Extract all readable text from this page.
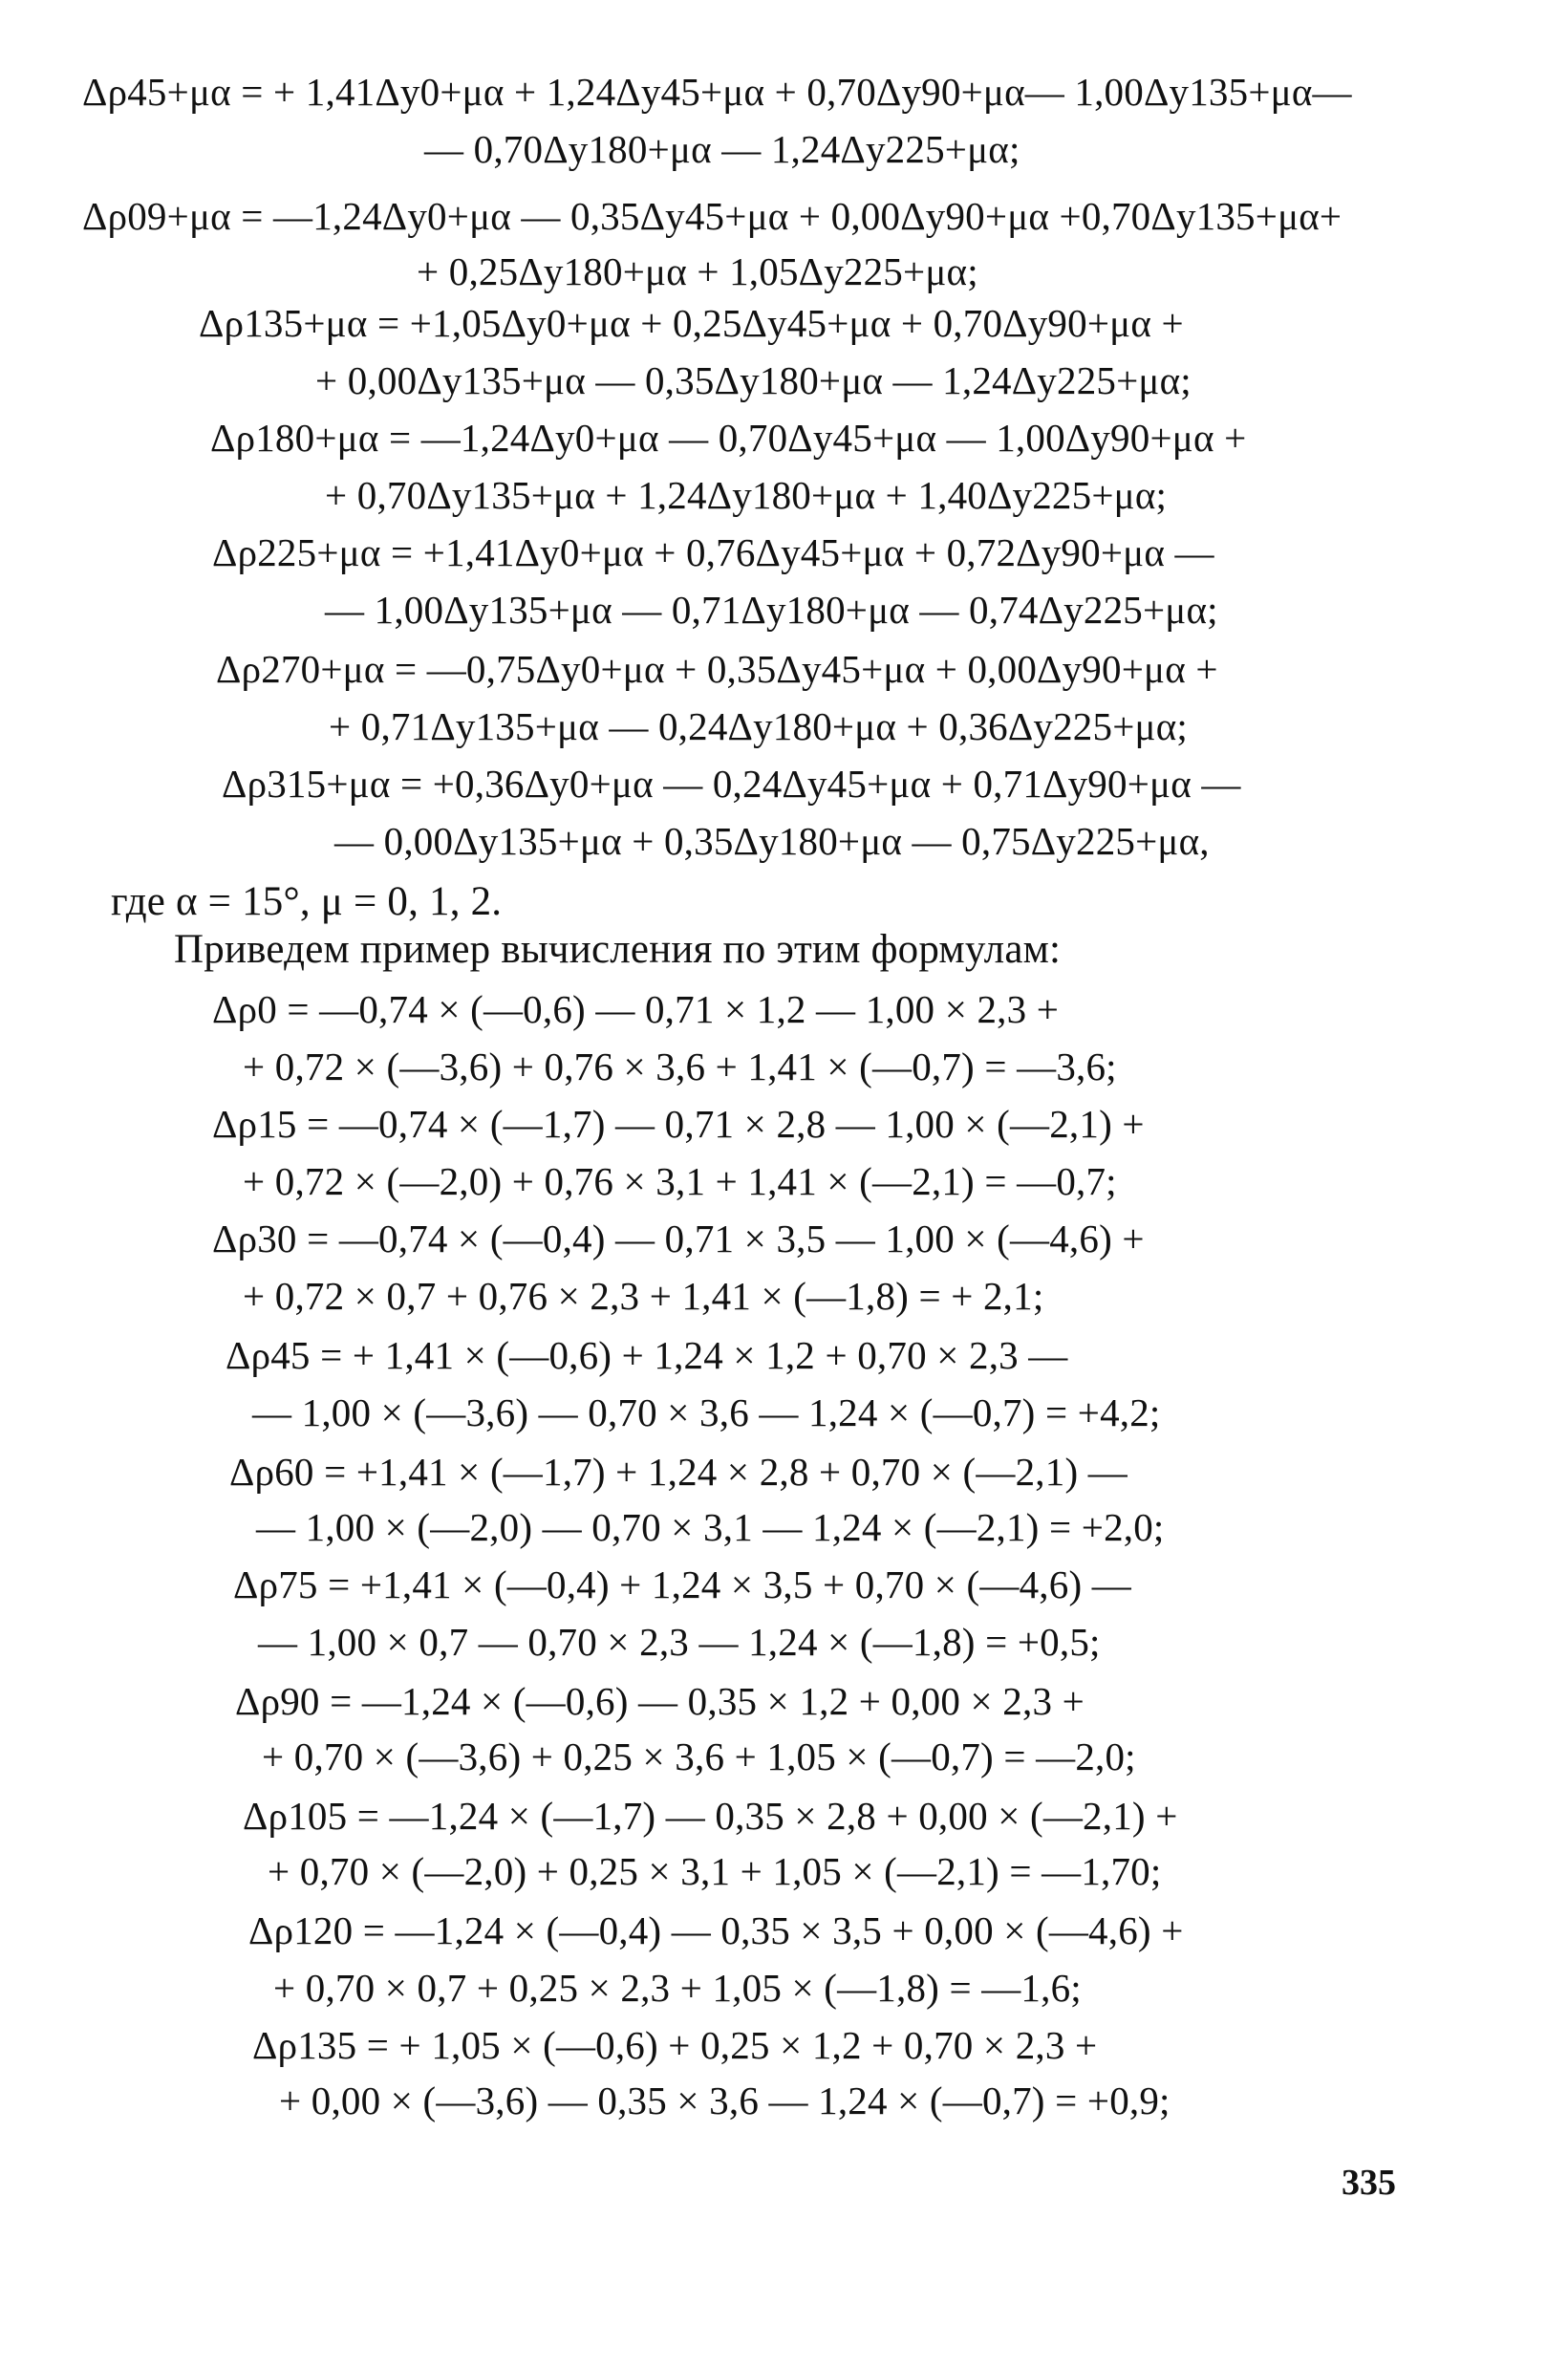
Δρ45+μα = + 1,41Δy0+μα + 1,24Δy45+μα + 0,70Δy90+μα— 1,00Δy135+μα—
— 0,70Δy180+μα — 1,24Δy225+μα;
Δρ09+μα = —1,24Δy0+μα — 0,35Δy45+μα + 0,00Δy90+μα +0,70Δy135+μα+
+ 0,25Δy180+μα + 1,05Δy225+μα;
Δρ135+μα = +1,05Δy0+μα + 0,25Δy45+μα + 0,70Δy90+μα +
+ 0,00Δy135+μα — 0,35Δy180+μα — 1,24Δy225+μα;
Δρ180+μα = —1,24Δy0+μα — 0,70Δy45+μα — 1,00Δy90+μα +
+ 0,70Δy135+μα + 1,24Δy180+μα + 1,40Δy225+μα;
Δρ225+μα = +1,41Δy0+μα + 0,76Δy45+μα + 0,72Δy90+μα —
— 1,00Δy135+μα — 0,71Δy180+μα — 0,74Δy225+μα;
Δρ270+μα = —0,75Δy0+μα + 0,35Δy45+μα + 0,00Δy90+μα +
+ 0,71Δy135+μα — 0,24Δy180+μα + 0,36Δy225+μα;
Δρ315+μα = +0,36Δy0+μα — 0,24Δy45+μα + 0,71Δy90+μα —
— 0,00Δy135+μα + 0,35Δy180+μα — 0,75Δy225+μα,
где α = 15°, μ = 0, 1, 2.
Приведем пример вычисления по этим формулам:
Δρ0 = —0,74 × (—0,6) — 0,71 × 1,2 — 1,00 × 2,3 +
+ 0,72 × (—3,6) + 0,76 × 3,6 + 1,41 × (—0,7) = —3,6;
Δρ15 = —0,74 × (—1,7) — 0,71 × 2,8 — 1,00 × (—2,1) +
+ 0,72 × (—2,0) + 0,76 × 3,1 + 1,41 × (—2,1) = —0,7;
Δρ30 = —0,74 × (—0,4) — 0,71 × 3,5 — 1,00 × (—4,6) +
+ 0,72 × 0,7 + 0,76 × 2,3 + 1,41 × (—1,8) = + 2,1;
Δρ45 = + 1,41 × (—0,6) + 1,24 × 1,2 + 0,70 × 2,3 —
— 1,00 × (—3,6) — 0,70 × 3,6 — 1,24 × (—0,7) = +4,2;
Δρ60 = +1,41 × (—1,7) + 1,24 × 2,8 + 0,70 × (—2,1) —
— 1,00 × (—2,0) — 0,70 × 3,1 — 1,24 × (—2,1) = +2,0;
Δρ75 = +1,41 × (—0,4) + 1,24 × 3,5 + 0,70 × (—4,6) —
— 1,00 × 0,7 — 0,70 × 2,3 — 1,24 × (—1,8) = +0,5;
Δρ90 = —1,24 × (—0,6) — 0,35 × 1,2 + 0,00 × 2,3 +
+ 0,70 × (—3,6) + 0,25 × 3,6 + 1,05 × (—0,7) = —2,0;
Δρ105 = —1,24 × (—1,7) — 0,35 × 2,8 + 0,00 × (—2,1) +
+ 0,70 × (—2,0) + 0,25 × 3,1 + 1,05 × (—2,1) = —1,70;
Δρ120 = —1,24 × (—0,4) — 0,35 × 3,5 + 0,00 × (—4,6) +
+ 0,70 × 0,7 + 0,25 × 2,3 + 1,05 × (—1,8) = —1,6;
Δρ135 = + 1,05 × (—0,6) + 0,25 × 1,2 + 0,70 × 2,3 +
+ 0,00 × (—3,6) — 0,35 × 3,6 — 1,24 × (—0,7) = +0,9;
335
